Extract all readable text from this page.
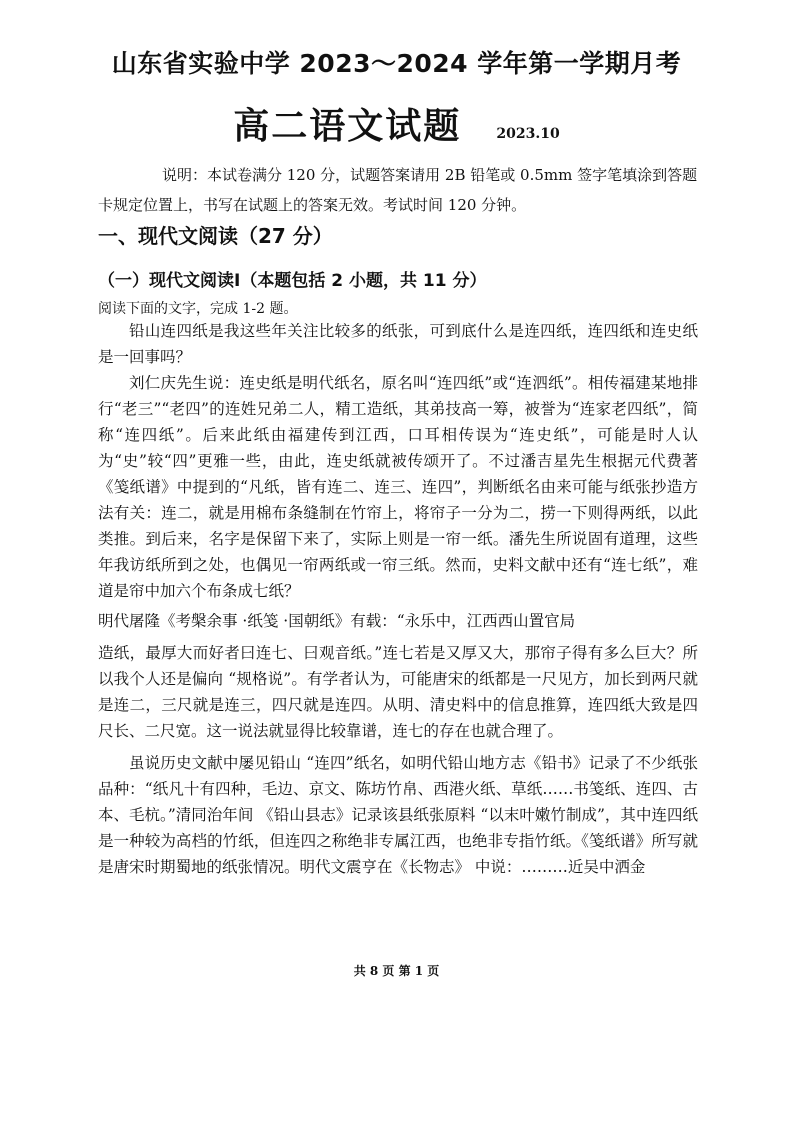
山东省实验中学 2023～2024 学年第一学期月考
高二语文试题	2023.10
说明：本试卷满分 120 分，试题答案请用 2B 铅笔或 0.5mm 签字笔填涂到答题卡规定位置上，书写在试题上的答案无效。考试时间 120 分钟。
一、现代文阅读（27 分）
（一）现代文阅读Ⅰ（本题包括 2 小题，共 11 分）
阅读下面的文字，完成 1-2 题。

铅山连四纸是我这些年关注比较多的纸张，可到底什么是连四纸，连四纸和连史纸是一回事吗？

刘仁庆先生说：连史纸是明代纸名，原名叫“连四纸”或“连泗纸”。相传福建某地排行“老三”“老四”的连姓兄弟二人，精工造纸，其弟技高一筹，被誉为“连家老四纸”，简称“连四纸”。后来此纸由福建传到江西，口耳相传误为“连史纸”，可能是时人认为“史”较“四”更雅一些，由此，连史纸就被传颂开了。不过潘吉星先生根据元代费著《笺纸谱》中提到的“凡纸，皆有连二、连三、连四”，判断纸名由来可能与纸张抄造方法有关：连二，就是用棉布条缝制在竹帘上，将帘子一分为二，捞一下则得两纸，以此类推。到后来，名字是保留下来了，实际上则是一帘一纸。潘先生所说固有道理，这些年我访纸所到之处，也偶见一帘两纸或一帘三纸。然而，史料文献中还有“连七纸”，难道是帘中加六个布条成七纸？

明代屠隆《考槃余事 ·纸笺 ·国朝纸》有载：“永乐中，江西西山置官局

造纸，最厚大而好者曰连七、曰观音纸。”连七若是又厚又大，那帘子得有多么巨大？所以我个人还是偏向 “规格说”。有学者认为，可能唐宋的纸都是一尺见方，加长到两尺就是连二，三尺就是连三，四尺就是连四。从明、清史料中的信息推算，连四纸大致是四尺长、二尺宽。这一说法就显得比较靠谱，连七的存在也就合理了。

虽说历史文献中屡见铅山 “连四”纸名，如明代铅山地方志《铅书》记录了不少纸张品种：“纸凡十有四种，毛边、京文、陈坊竹帛、西港火纸、草纸……书笺纸、连四、古本、毛杭。”清同治年间 《铅山县志》记录该县纸张原料 “以末叶嫩竹制成”，其中连四纸是一种较为高档的竹纸，但连四之称绝非专属江西，也绝非专指竹纸。《笺纸谱》所写就是唐宋时期蜀地的纸张情况。明代文震亨在《长物志》 中说：………近吴中洒金

共 8 页 第 1 页
